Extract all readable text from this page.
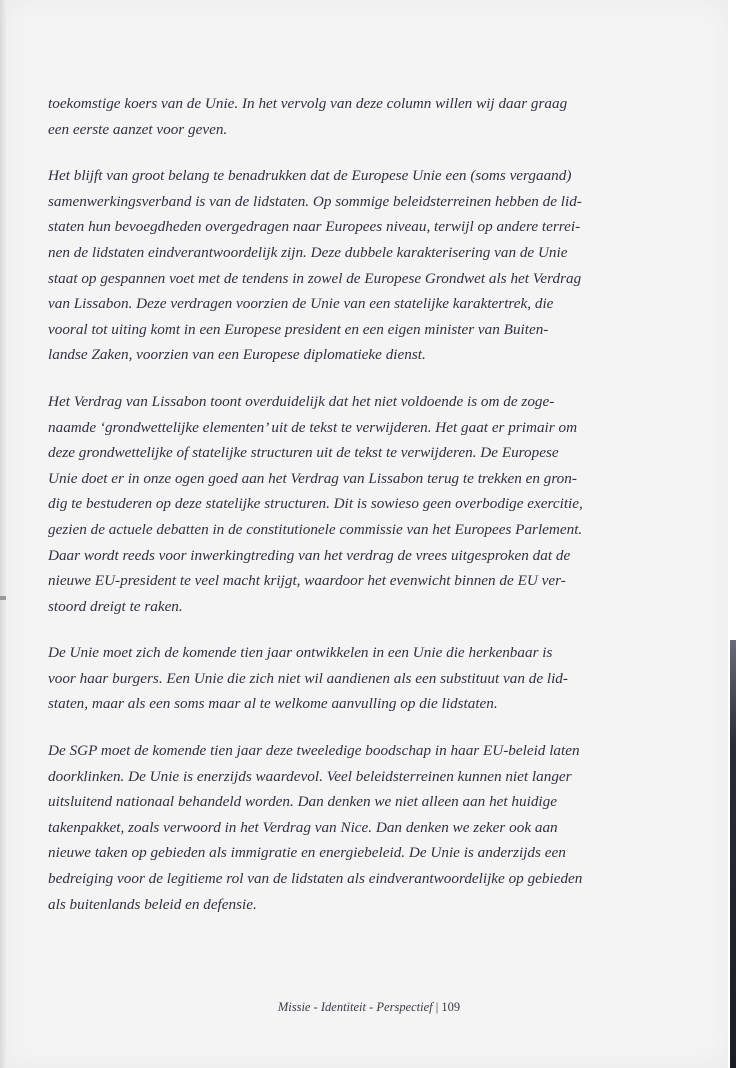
toekomstige koers van de Unie. In het vervolg van deze column willen wij daar graag
een eerste aanzet voor geven.

Het blijft van groot belang te benadrukken dat de Europese Unie een (soms vergaand)
samenwerkingsverband is van de lidstaten. Op sommige beleidsterreinen hebben de lid-
staten hun bevoegdheden overgedragen naar Europees niveau, terwijl op andere terrei-
nen de lidstaten eindverantwoordelijk zijn. Deze dubbele karakterisering van de Unie
staat op gespannen voet met de tendens in zowel de Europese Grondwet als het Verdrag
van Lissabon. Deze verdragen voorzien de Unie van een statelijke karaktertrek, die
vooral tot uiting komt in een Europese president en een eigen minister van Buiten-
landse Zaken, voorzien van een Europese diplomatieke dienst.

Het Verdrag van Lissabon toont overduidelijk dat het niet voldoende is om de zoge-
naamde ‘grondwettelijke elementen’ uit de tekst te verwijderen. Het gaat er primair om
deze grondwettelijke of statelijke structuren uit de tekst te verwijderen. De Europese
Unie doet er in onze ogen goed aan het Verdrag van Lissabon terug te trekken en gron-
dig te bestuderen op deze statelijke structuren. Dit is sowieso geen overbodige exercitie,
gezien de actuele debatten in de constitutionele commissie van het Europees Parlement.
Daar wordt reeds voor inwerkingtreding van het verdrag de vrees uitgesproken dat de
nieuwe EU-president te veel macht krijgt, waardoor het evenwicht binnen de EU ver-
stoord dreigt te raken.

De Unie moet zich de komende tien jaar ontwikkelen in een Unie die herkenbaar is
voor haar burgers. Een Unie die zich niet wil aandienen als een substituut van de lid-
staten, maar als een soms maar al te welkome aanvulling op die lidstaten.

De SGP moet de komende tien jaar deze tweeledige boodschap in haar EU-beleid laten
doorklinken. De Unie is enerzijds waardevol. Veel beleidsterreinen kunnen niet langer
uitsluitend nationaal behandeld worden. Dan denken we niet alleen aan het huidige
takenpakket, zoals verwoord in het Verdrag van Nice. Dan denken we zeker ook aan
nieuwe taken op gebieden als immigratie en energiebeleid. De Unie is anderzijds een
bedreiging voor de legitieme rol van de lidstaten als eindverantwoordelijke op gebieden
als buitenlands beleid en defensie.

Missie - Identiteit - Perspectief | 109
